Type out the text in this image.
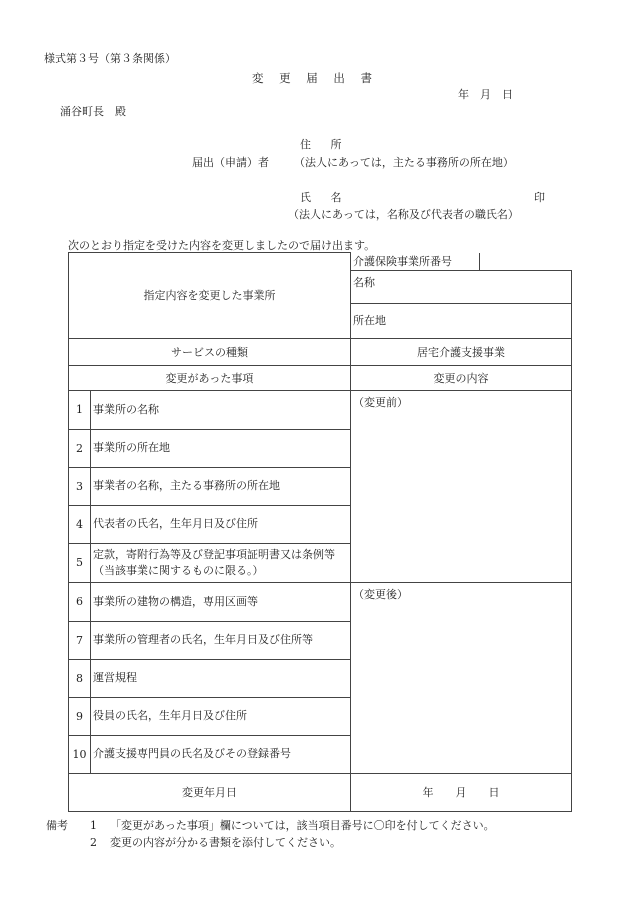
様式第３号（第３条関係）
変 更 届 出 書
年　月　日
涌谷町長　殿
住 所
届出（申請）者 （法人にあっては，主たる事務所の所在地）
氏 名	印
（法人にあっては，名称及び代表者の職氏名）
次のとおり指定を受けた内容を変更しましたので届け出ます。
指定内容を変更した事業所		介護保険事業所番号

		名称
		所在地
サービスの種類		居宅介護支援事業
変更があった事項		変更の内容
1	事業所の名称	（変更前）
2	事業所の所在地	
3	事業者の名称，主たる事務所の所在地	
4	代表者の氏名，生年月日及び住所	
5	定款，寄附行為等及び登記事項証明書又は条例等（当該事業に関するものに限る。）	
6	事業所の建物の構造，専用区画等	（変更後）
7	事業所の管理者の氏名，生年月日及び住所等	
8	運営規程	
9	役員の氏名，生年月日及び住所	
10	介護支援専門員の氏名及びその登録番号	
変更年月日		年　　月　　日
備考	1	「変更があった事項」欄については，該当項目番号に〇印を付してください。
2	変更の内容が分かる書類を添付してください。
